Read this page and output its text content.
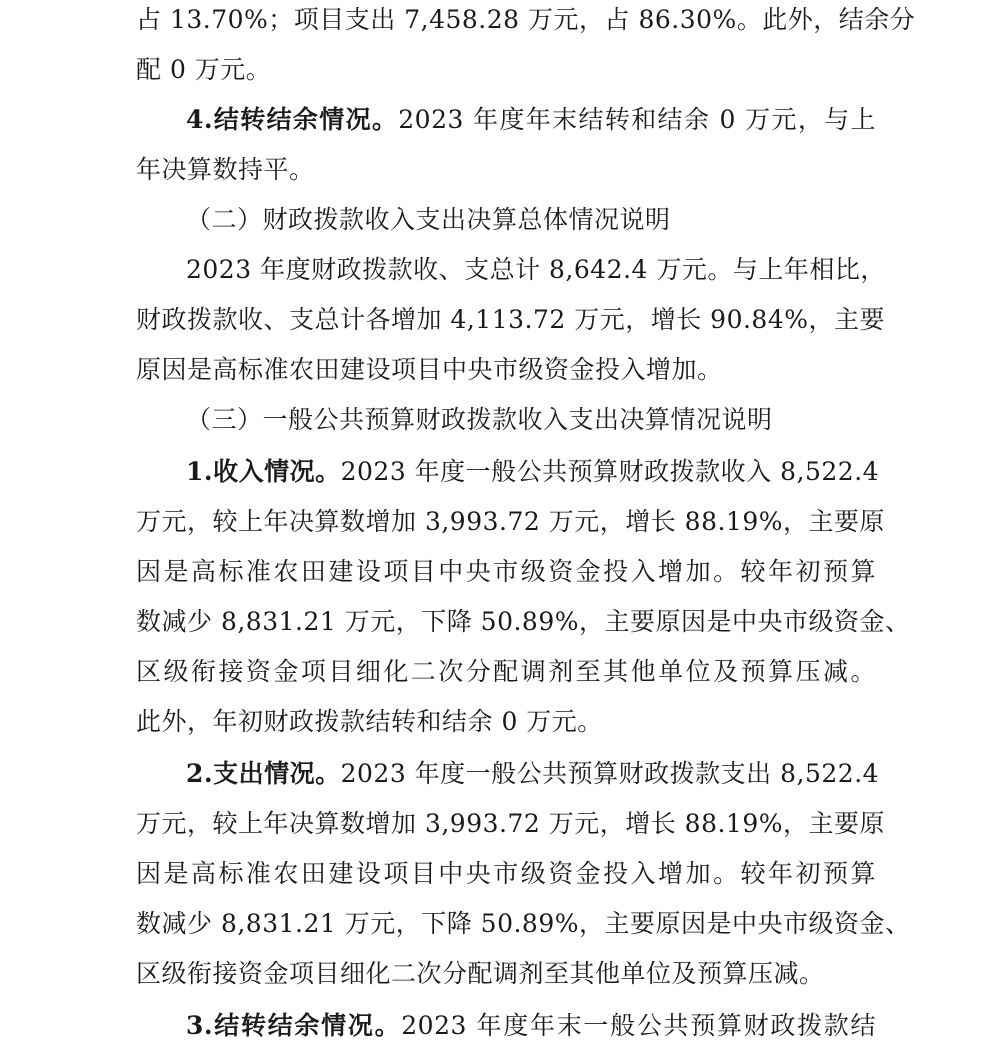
占 13.70%；项目支出 7,458.28 万元，占 86.30%。此外，结余分
配 0 万元。
4.结转结余情况。2023 年度年末结转和结余 0 万元，与上
年决算数持平。
（二）财政拨款收入支出决算总体情况说明
2023 年度财政拨款收、支总计 8,642.4 万元。与上年相比，
财政拨款收、支总计各增加 4,113.72 万元，增长 90.84%，主要
原因是高标准农田建设项目中央市级资金投入增加。
（三）一般公共预算财政拨款收入支出决算情况说明
1.收入情况。2023 年度一般公共预算财政拨款收入 8,522.4
万元，较上年决算数增加 3,993.72 万元，增长 88.19%，主要原
因是高标准农田建设项目中央市级资金投入增加。较年初预算
数减少 8,831.21 万元，下降 50.89%，主要原因是中央市级资金、
区级衔接资金项目细化二次分配调剂至其他单位及预算压减。
此外，年初财政拨款结转和结余 0 万元。
2.支出情况。2023 年度一般公共预算财政拨款支出 8,522.4
万元，较上年决算数增加 3,993.72 万元，增长 88.19%，主要原
因是高标准农田建设项目中央市级资金投入增加。较年初预算
数减少 8,831.21 万元，下降 50.89%，主要原因是中央市级资金、
区级衔接资金项目细化二次分配调剂至其他单位及预算压减。
3.结转结余情况。2023 年度年末一般公共预算财政拨款结
